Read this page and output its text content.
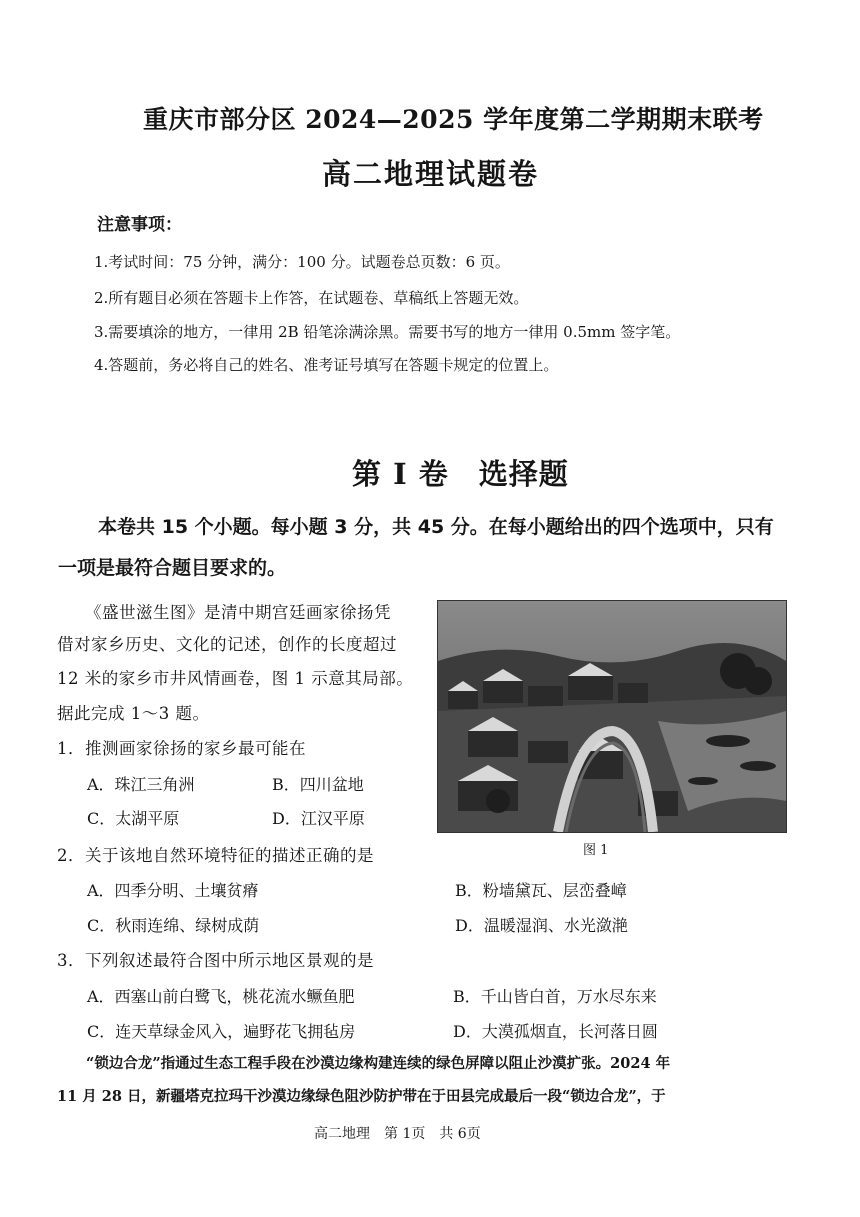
重庆市部分区 2024—2025 学年度第二学期期末联考
高二地理试题卷
注意事项：
1.考试时间：75 分钟，满分：100 分。试题卷总页数：6 页。
2.所有题目必须在答题卡上作答，在试题卷、草稿纸上答题无效。
3.需要填涂的地方，一律用 2B 铅笔涂满涂黑。需要书写的地方一律用 0.5mm 签字笔。
4.答题前，务必将自己的姓名、准考证号填写在答题卡规定的位置上。
第 I 卷　选择题
本卷共 15 个小题。每小题 3 分，共 45 分。在每小题给出的四个选项中，只有
一项是最符合题目要求的。
《盛世滋生图》是清中期宫廷画家徐扬凭
借对家乡历史、文化的记述，创作的长度超过
12 米的家乡市井风情画卷，图 1 示意其局部。
据此完成 1～3 题。
图 1
1．推测画家徐扬的家乡最可能在
A．珠江三角洲	B．四川盆地
C．太湖平原	D．江汉平原
2．关于该地自然环境特征的描述正确的是
A．四季分明、土壤贫瘠	B．粉墙黛瓦、层峦叠嶂
C．秋雨连绵、绿树成荫	D．温暖湿润、水光潋滟
3．下列叙述最符合图中所示地区景观的是
A．西塞山前白鹭飞，桃花流水鳜鱼肥	B．千山皆白首，万水尽东来
C．连天草绿金风入，遍野花飞拥毡房	D．大漠孤烟直，长河落日圆
“锁边合龙”指通过生态工程手段在沙漠边缘构建连续的绿色屏障以阻止沙漠扩张。2024 年
11 月 28 日，新疆塔克拉玛干沙漠边缘绿色阻沙防护带在于田县完成最后一段“锁边合龙”，于
高二地理　第 1页　共 6页
